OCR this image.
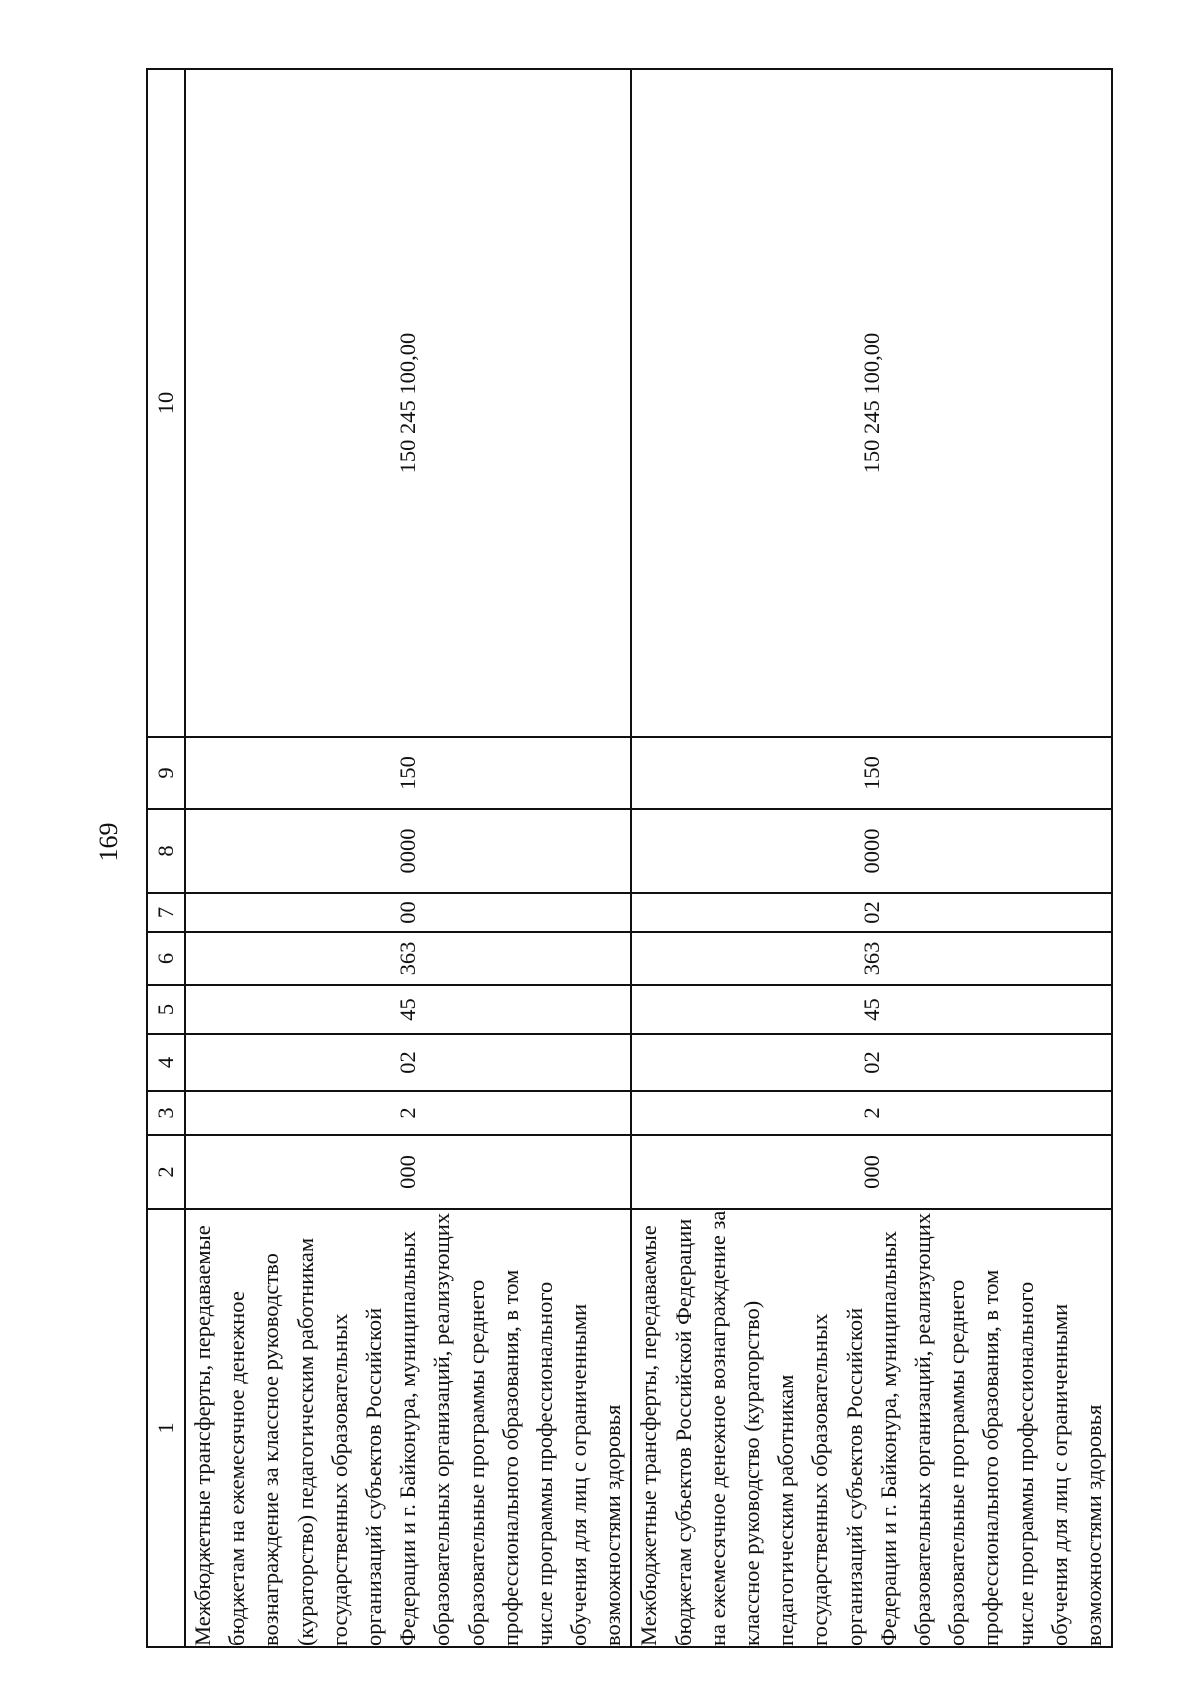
169
1	2	3	4	5	6	7	8	9	10
Межбюджетные трансферты, передаваемые бюджетам на ежемесячное денежное вознаграждение за классное руководство (кураторство) педагогическим работникам государственных образовательных организаций субъектов Российской Федерации и г. Байконура, муниципальных образовательных организаций, реализующих образовательные программы среднего профессионального образования, в том числе программы профессионального обучения для лиц с ограниченными возможностями здоровья	000	2	02	45	363	00	0000	150	150 245 100,00
Межбюджетные трансферты, передаваемые бюджетам субъектов Российской Федерации на ежемесячное денежное вознаграждение за классное руководство (кураторство) педагогическим работникам государственных образовательных организаций субъектов Российской Федерации и г. Байконура, муниципальных образовательных организаций, реализующих образовательные программы среднего профессионального образования, в том числе программы профессионального обучения для лиц с ограниченными возможностями здоровья	000	2	02	45	363	02	0000	150	150 245 100,00
